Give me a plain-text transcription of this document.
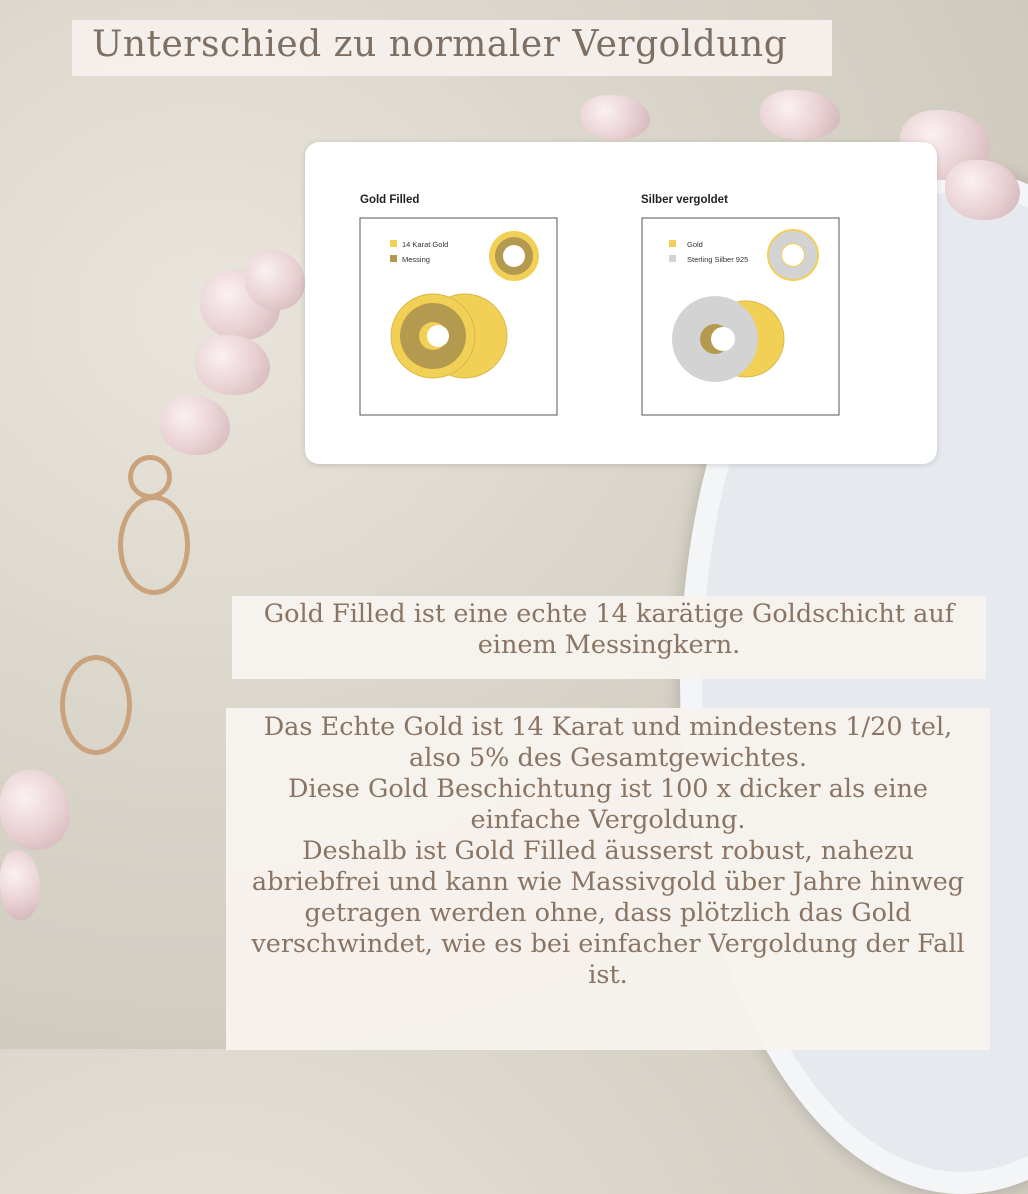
Unterschied zu normaler Vergoldung
Gold Filled
14 Karat Gold
Messing
Silber vergoldet
Gold
Sterling Silber 925
Gold Filled ist eine echte 14 karätige Goldschicht auf
einem Messingkern.
Das Echte Gold ist 14 Karat und mindestens 1/20 tel,
also 5% des Gesamtgewichtes.
Diese Gold Beschichtung ist 100 x dicker als eine
einfache Vergoldung.
Deshalb ist Gold Filled äusserst robust, nahezu
abriebfrei und kann wie Massivgold über Jahre hinweg
getragen werden ohne, dass plötzlich das Gold
verschwindet, wie es bei einfacher Vergoldung der Fall
ist.
